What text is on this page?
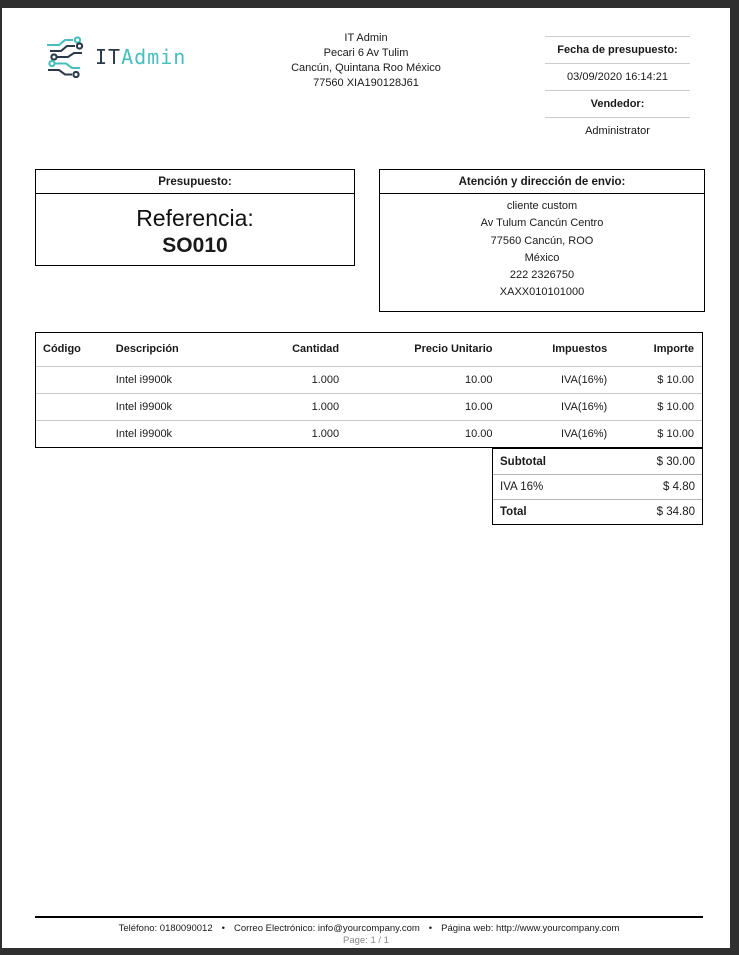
ITAdmin
IT Admin
Pecari 6 Av Tulim
Cancún, Quintana Roo México
77560 XIA190128J61
Fecha de presupuesto:
03/09/2020 16:14:21
Vendedor:
Administrator
Presupuesto:
Referencia:
SO010
Atención y dirección de envio:
cliente custom
Av Tulum Cancún Centro
77560 Cancún, ROO
México
222 2326750
XAXX010101000
Código	Descripción	Cantidad	Precio Unitario	Impuestos	Importe
	Intel i9900k	1.000	10.00	IVA(16%)	$ 10.00
	Intel i9900k	1.000	10.00	IVA(16%)	$ 10.00
	Intel i9900k	1.000	10.00	IVA(16%)	$ 10.00
Subtotal	$ 30.00
IVA 16%	$ 4.80
Total	$ 34.80
Teléfono: 0180090012 • Correo Electrónico: info@yourcompany.com • Página web: http://www.yourcompany.com
Page: 1 / 1
